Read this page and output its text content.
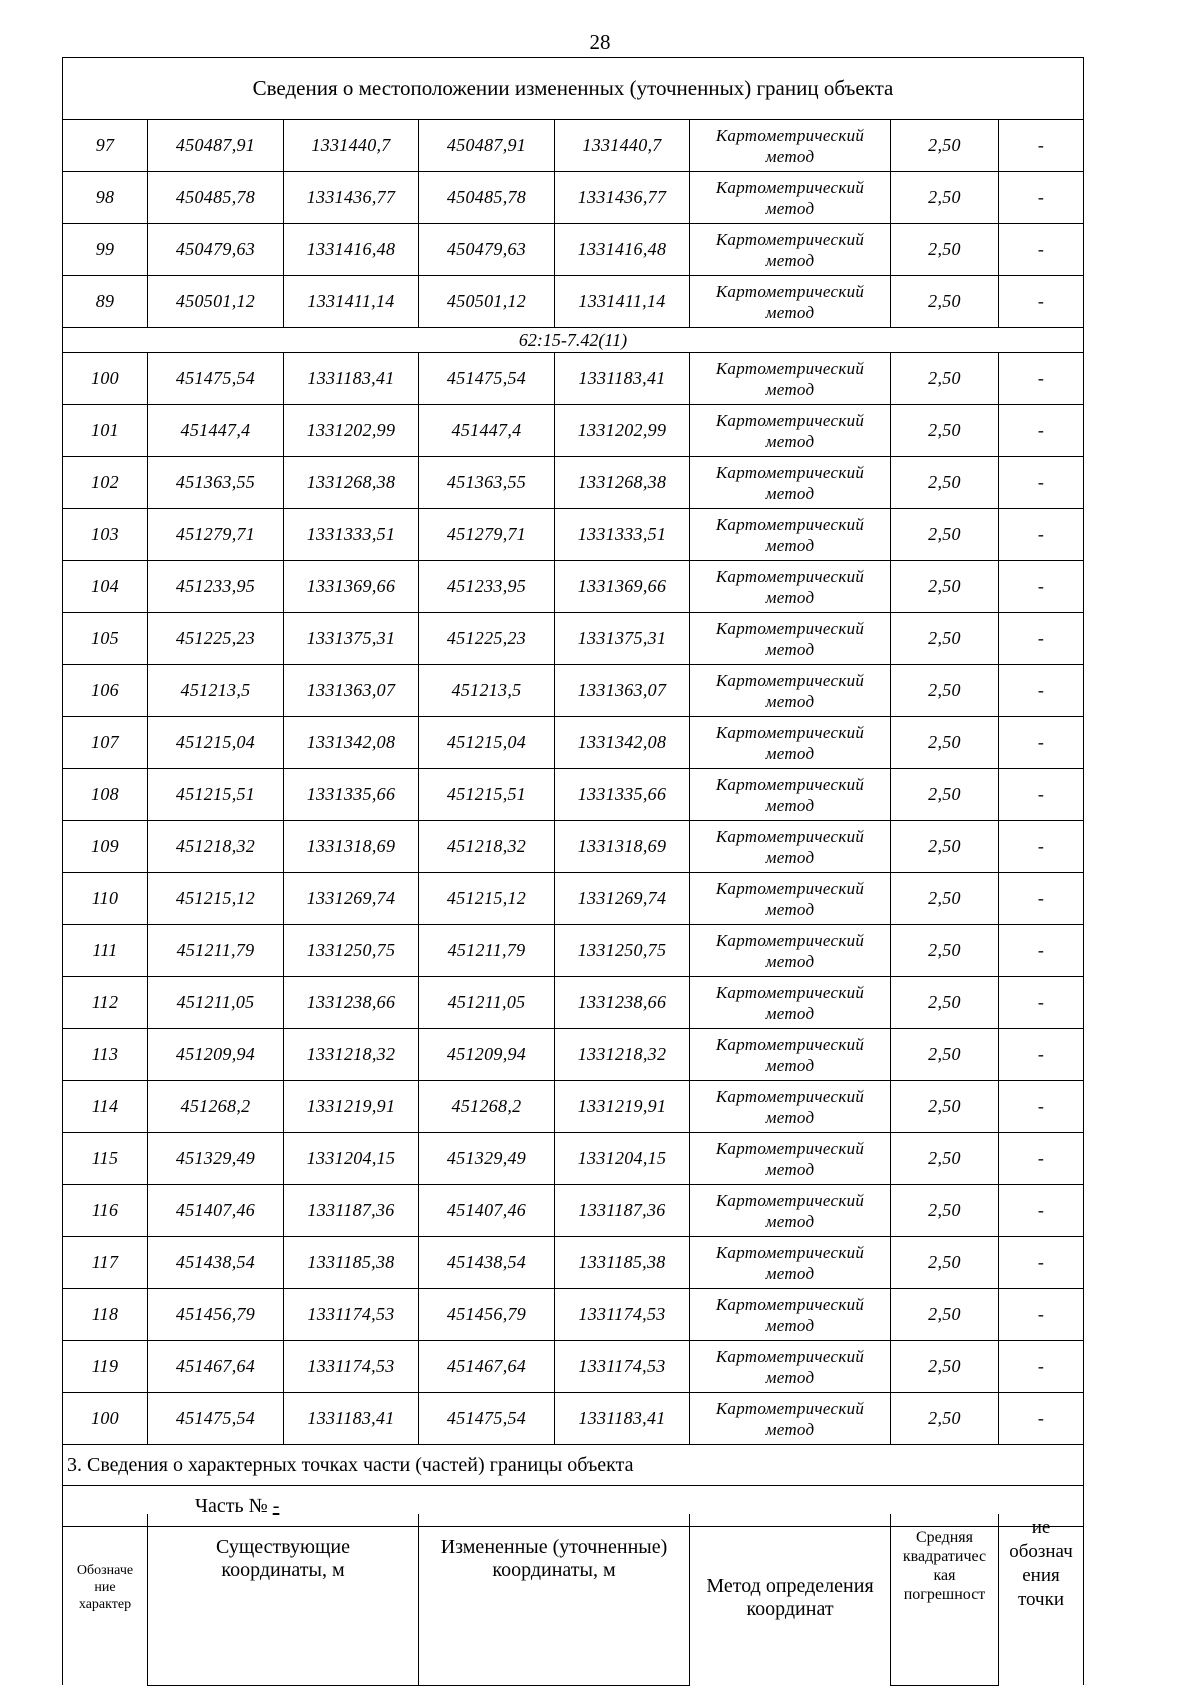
28
Сведения о местоположении измененных (уточненных) границ объекта							
97	450487,91	1331440,7	450487,91	1331440,7	Картометрический
метод	2,50	-
98	450485,78	1331436,77	450485,78	1331436,77	Картометрический
метод	2,50	-
99	450479,63	1331416,48	450479,63	1331416,48	Картометрический
метод	2,50	-
89	450501,12	1331411,14	450501,12	1331411,14	Картометрический
метод	2,50	-
62:15-7.42(11)							
100	451475,54	1331183,41	451475,54	1331183,41	Картометрический
метод	2,50	-
101	451447,4	1331202,99	451447,4	1331202,99	Картометрический
метод	2,50	-
102	451363,55	1331268,38	451363,55	1331268,38	Картометрический
метод	2,50	-
103	451279,71	1331333,51	451279,71	1331333,51	Картометрический
метод	2,50	-
104	451233,95	1331369,66	451233,95	1331369,66	Картометрический
метод	2,50	-
105	451225,23	1331375,31	451225,23	1331375,31	Картометрический
метод	2,50	-
106	451213,5	1331363,07	451213,5	1331363,07	Картометрический
метод	2,50	-
107	451215,04	1331342,08	451215,04	1331342,08	Картометрический
метод	2,50	-
108	451215,51	1331335,66	451215,51	1331335,66	Картометрический
метод	2,50	-
109	451218,32	1331318,69	451218,32	1331318,69	Картометрический
метод	2,50	-
110	451215,12	1331269,74	451215,12	1331269,74	Картометрический
метод	2,50	-
111	451211,79	1331250,75	451211,79	1331250,75	Картометрический
метод	2,50	-
112	451211,05	1331238,66	451211,05	1331238,66	Картометрический
метод	2,50	-
113	451209,94	1331218,32	451209,94	1331218,32	Картометрический
метод	2,50	-
114	451268,2	1331219,91	451268,2	1331219,91	Картометрический
метод	2,50	-
115	451329,49	1331204,15	451329,49	1331204,15	Картометрический
метод	2,50	-
116	451407,46	1331187,36	451407,46	1331187,36	Картометрический
метод	2,50	-
117	451438,54	1331185,38	451438,54	1331185,38	Картометрический
метод	2,50	-
118	451456,79	1331174,53	451456,79	1331174,53	Картометрический
метод	2,50	-
119	451467,64	1331174,53	451467,64	1331174,53	Картометрический
метод	2,50	-
100	451475,54	1331183,41	451475,54	1331183,41	Картометрический
метод	2,50	-
3. Сведения о характерных точках части (частей) границы объекта							
Часть № -							
Обозначе
ние
характер

Существующие
координаты, м

Измененные (уточненные)
координаты, м

Метод определения
координат

Средняя
квадратичес
кая
погрешност

ие
обознач
ения
точки
